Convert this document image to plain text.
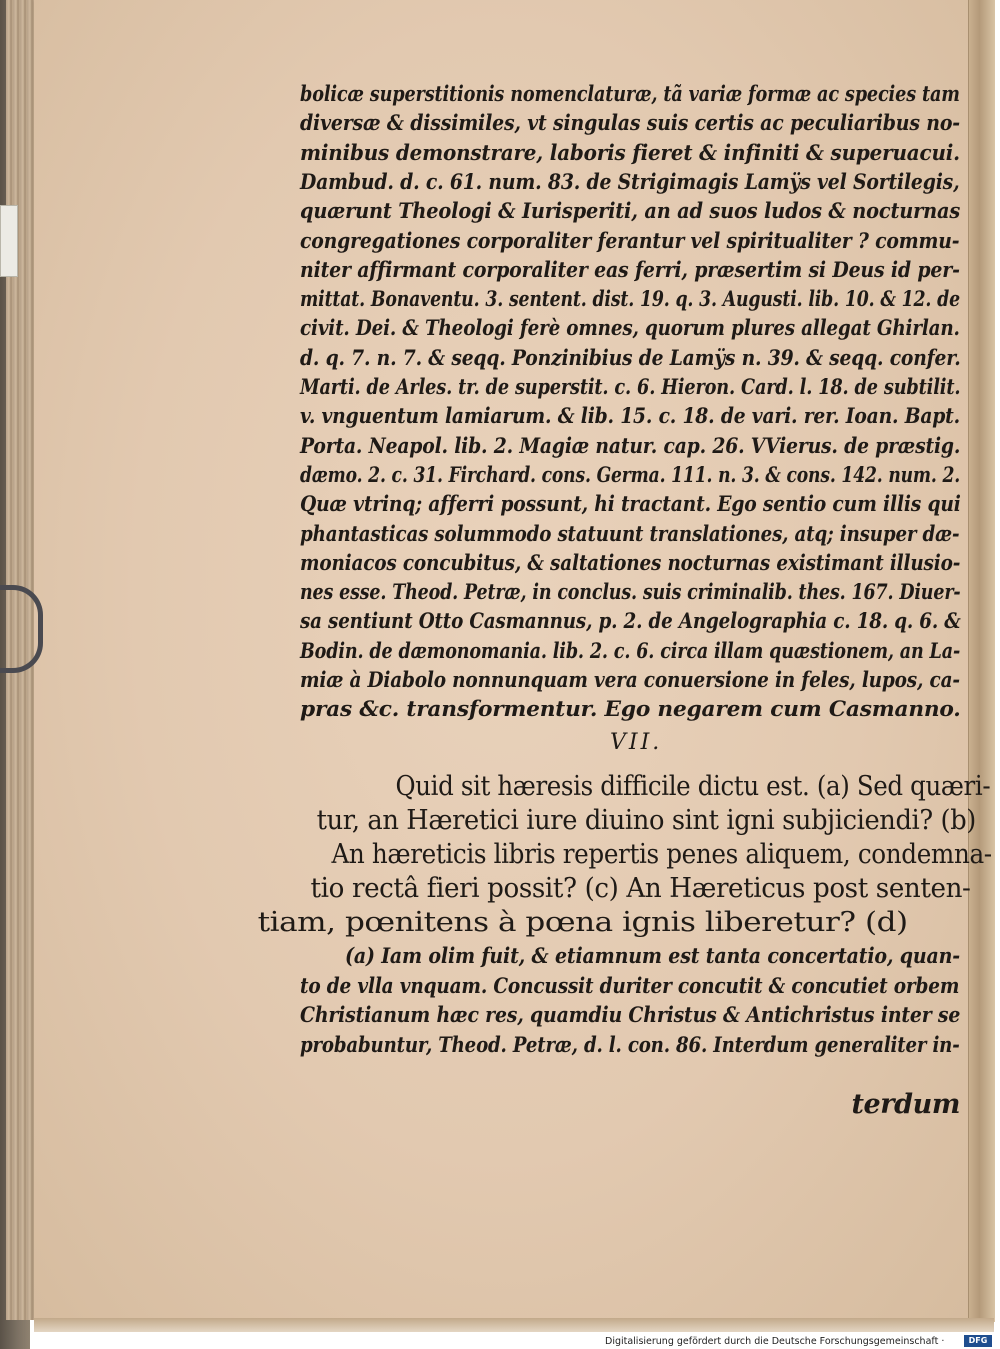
bolicæ superstitionis nomenclaturæ, tã variæ formæ ac species tam
diversæ & dissimiles, vt singulas suis certis ac peculiaribus no-
minibus demonstrare, laboris fieret & infiniti & superuacui.
Dambud. d. c. 61. num. 83. de Strigimagis Lamÿs vel Sortilegis,
quærunt Theologi & Iurisperiti, an ad suos ludos & nocturnas
congregationes corporaliter ferantur vel spiritualiter ? commu-
niter affirmant corporaliter eas ferri, præsertim si Deus id per-
mittat. Bonaventu. 3. sentent. dist. 19. q. 3. Augusti. lib. 10. & 12. de
civit. Dei. & Theologi ferè omnes, quorum plures allegat Ghirlan.
d. q. 7. n. 7. & seqq. Ponzinibius de Lamÿs n. 39. & seqq. confer.
Marti. de Arles. tr. de superstit. c. 6. Hieron. Card. l. 18. de subtilit.
v. vnguentum lamiarum. & lib. 15. c. 18. de vari. rer. Ioan. Bapt.
Porta. Neapol. lib. 2. Magiæ natur. cap. 26. VVierus. de præstig.
dæmo. 2. c. 31. Firchard. cons. Germa. 111. n. 3. & cons. 142. num. 2.
Quæ vtrinq; afferri possunt, hi tractant. Ego sentio cum illis qui
phantasticas solummodo statuunt translationes, atq; insuper dæ-
moniacos concubitus, & saltationes nocturnas existimant illusio-
nes esse. Theod. Petræ, in conclus. suis criminalib. thes. 167. Diuer-
sa sentiunt Otto Casmannus, p. 2. de Angelographia c. 18. q. 6. &
Bodin. de dæmonomania. lib. 2. c. 6. circa illam quæstionem, an La-
miæ à Diabolo nonnunquam vera conuersione in feles, lupos, ca-
pras &c. transformentur. Ego negarem cum Casmanno.
VII.
Quid sit hæresis difficile dictu est. (a) Sed quæri-
tur, an Hæretici iure diuino sint igni subjiciendi? (b)
An hæreticis libris repertis penes aliquem, condemna-
tio rectâ fieri possit? (c) An Hæreticus post senten-
tiam, pœnitens à pœna ignis liberetur? (d)
(a) Iam olim fuit, & etiamnum est tanta concertatio, quan-
to de vlla vnquam. Concussit duriter concutit & concutiet orbem
Christianum hæc res, quamdiu Christus & Antichristus inter se
probabuntur, Theod. Petræ, d. l. con. 86. Interdum generaliter in-
terdum
Digitalisierung gefördert durch die Deutsche Forschungsgemeinschaft ·	DFG
